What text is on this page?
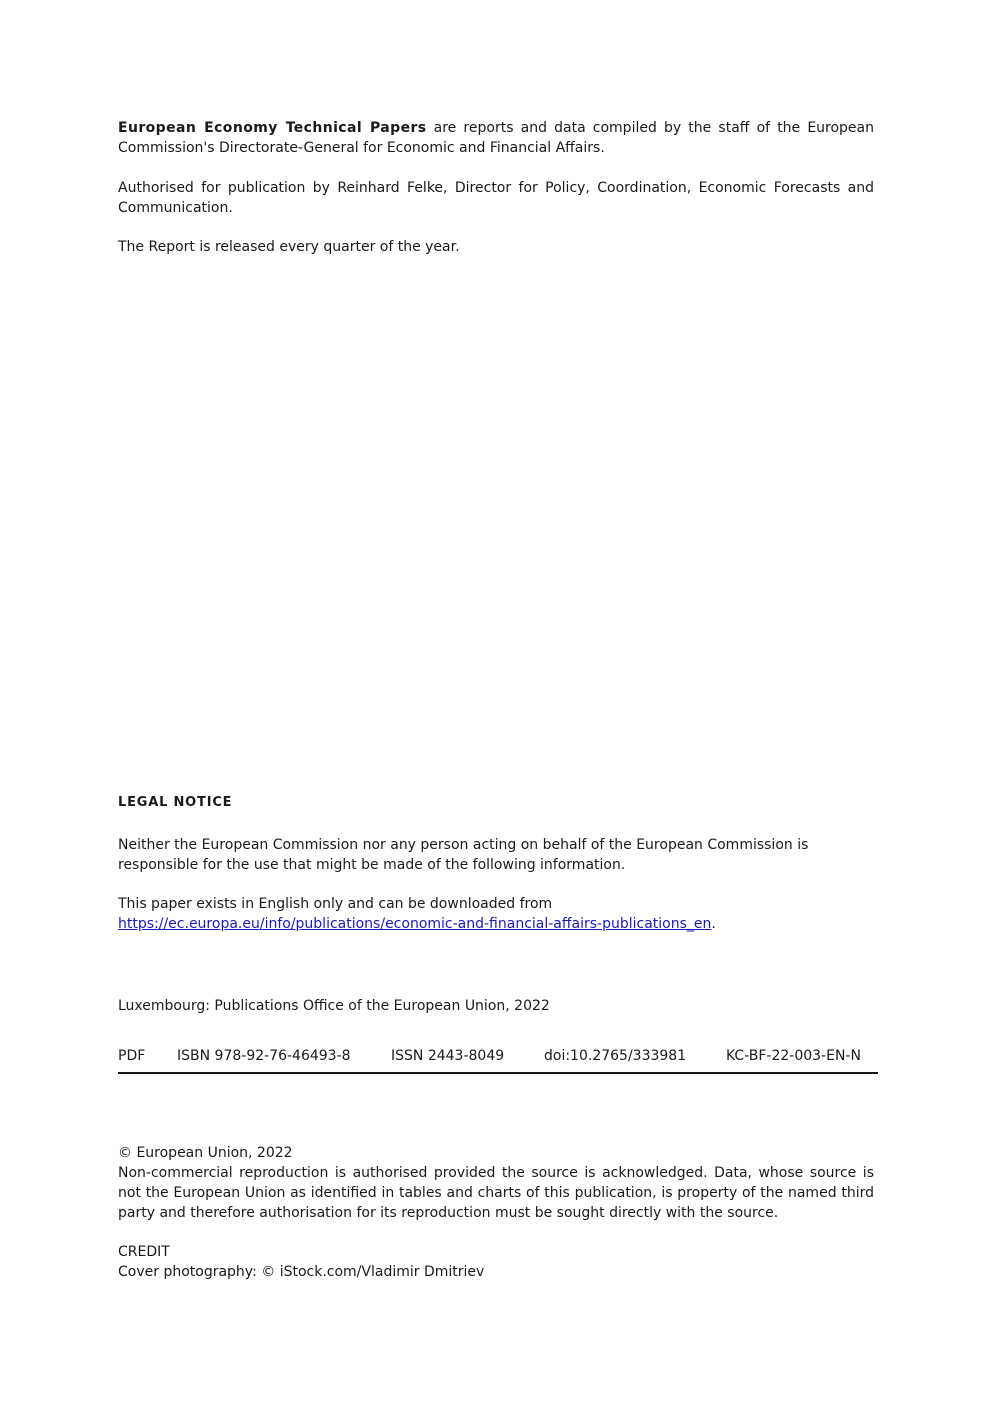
European Economy Technical Papers are reports and data compiled by the staff of the European Commission's Directorate-General for Economic and Financial Affairs.
Authorised for publication by Reinhard Felke, Director for Policy, Coordination, Economic Forecasts and Communication.
The Report is released every quarter of the year.
LEGAL NOTICE
Neither the European Commission nor any person acting on behalf of the European Commission is responsible for the use that might be made of the following information.
This paper exists in English only and can be downloaded from
https://ec.europa.eu/info/publications/economic-and-financial-affairs-publications_en.
Luxembourg: Publications Office of the European Union, 2022
PDF ISBN 978-92-76-46493-8	ISSN 2443-8049	doi:10.2765/333981	KC-BF-22-003-EN-N
© European Union, 2022
Non-commercial reproduction is authorised provided the source is acknowledged. Data, whose source is not the European Union as identified in tables and charts of this publication, is property of the named third party and therefore authorisation for its reproduction must be sought directly with the source.
CREDIT
Cover photography: © iStock.com/Vladimir Dmitriev
